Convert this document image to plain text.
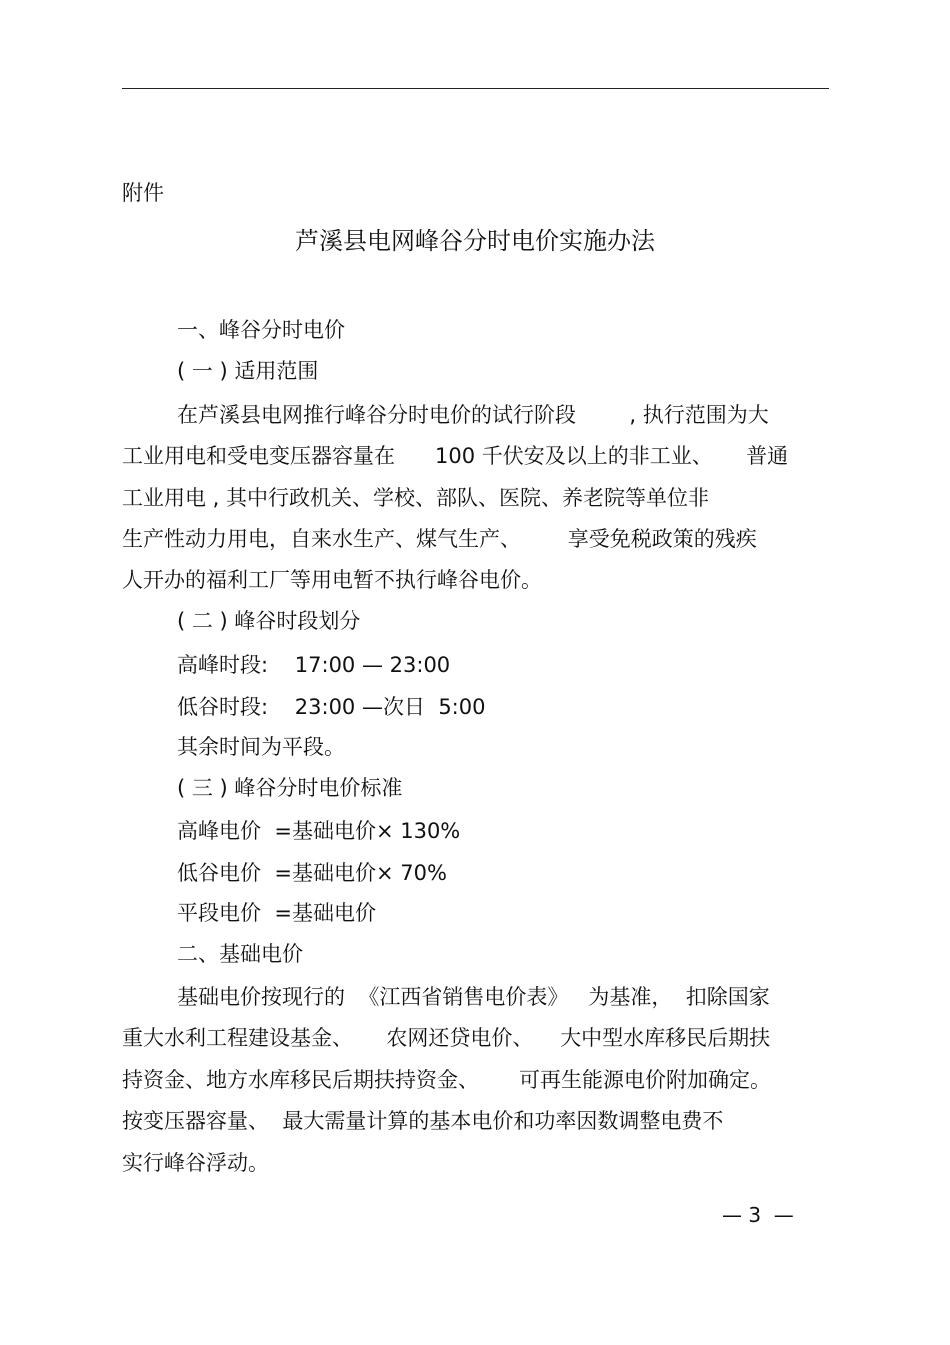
附件
芦溪县电网峰谷分时电价实施办法
一、峰谷分时电价
( 一 ) 适用范围
在芦溪县电网推行峰谷分时电价的试行阶段        , 执行范围为大
工业用电和受电变压器容量在      100 千伏安及以上的非工业、     普通
工业用电 , 其中行政机关、学校、部队、医院、养老院等单位非
生产性动力用电，自来水生产、煤气生产、       享受免税政策的残疾
人开办的福利工厂等用电暂不执行峰谷电价。
( 二 ) 峰谷时段划分
高峰时段:    17:00 — 23:00
低谷时段:    23:00 —次日  5:00
其余时间为平段。
( 三 ) 峰谷分时电价标准
高峰电价  =基础电价× 130%
低谷电价  =基础电价× 70%
平段电价  =基础电价
二、基础电价
基础电价按现行的  《江西省销售电价表》   为基准，  扣除国家
重大水利工程建设基金、     农网还贷电价、    大中型水库移民后期扶
持资金、地方水库移民后期扶持资金、      可再生能源电价附加确定。
按变压器容量、  最大需量计算的基本电价和功率因数调整电费不
实行峰谷浮动。
— 3  —
